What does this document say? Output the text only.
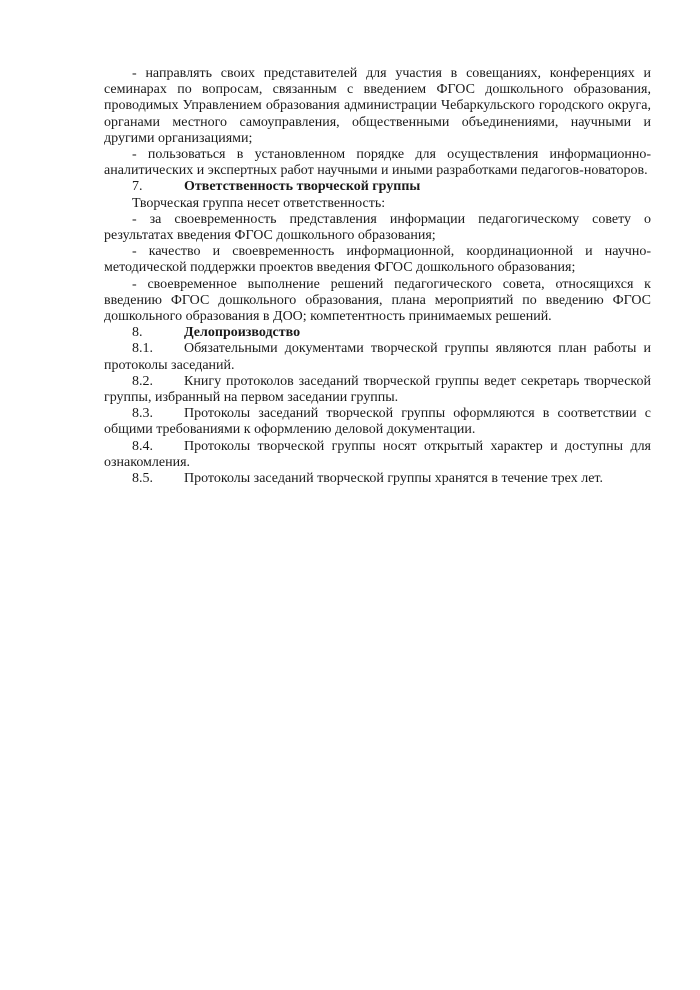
- направлять своих представителей для участия в совещаниях, конференциях и семинарах по вопросам, связанным с введением ФГОС дошкольного образования, проводимых Управлением образования администрации Чебаркульского городского округа, органами местного самоуправления, общественными объединениями, научными и другими организациями;

- пользоваться в установленном порядке для осуществления информационно-аналитических и экспертных работ научными и иными разработками педагогов-новаторов.

7.	Ответственность творческой группы

Творческая группа несет ответственность:

- за своевременность представления информации педагогическому совету о результатах введения ФГОС дошкольного образования;

- качество и своевременность информационной, координационной и научно-методической поддержки проектов введения ФГОС дошкольного образования;

- своевременное выполнение решений педагогического совета, относящихся к введению ФГОС дошкольного образования, плана мероприятий по введению ФГОС дошкольного образования в ДОО; компетентность принимаемых решений.

8.	Делопроизводство

8.1. Обязательными документами творческой группы являются план работы и протоколы заседаний.

8.2. Книгу протоколов заседаний творческой группы ведет секретарь творческой группы, избранный на первом заседании группы.

8.3. Протоколы заседаний творческой группы оформляются в соответствии с общими требованиями к оформлению деловой документации.

8.4. Протоколы творческой группы носят открытый характер и доступны для ознакомления.

8.5. Протоколы заседаний творческой группы хранятся в течение трех лет.
